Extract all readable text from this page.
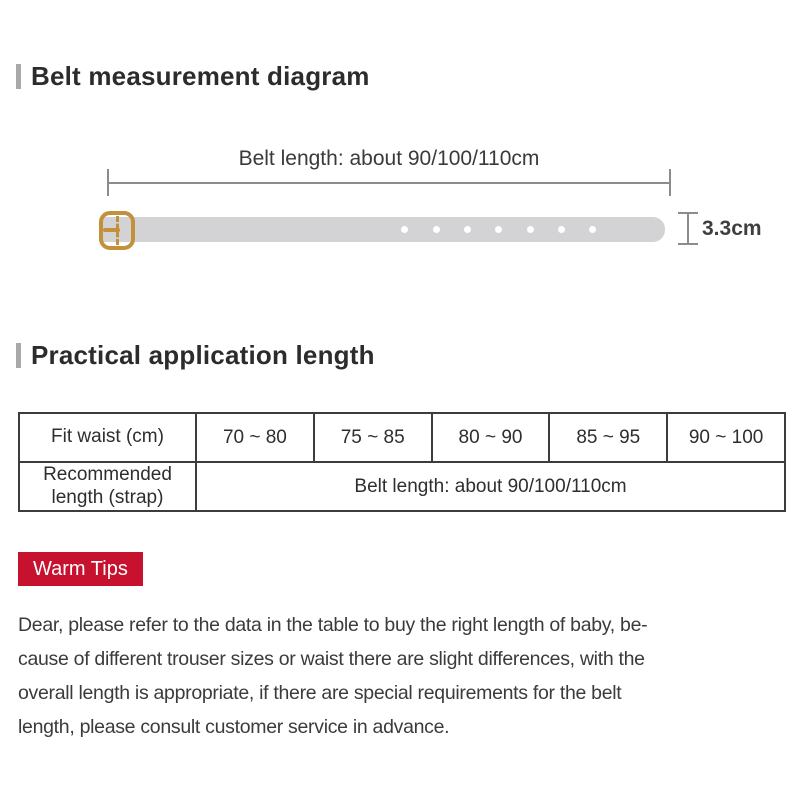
Belt measurement diagram
Belt length: about 90/100/110cm
3.3cm
Practical application length
Fit waist (cm)	70 ~ 80	75 ~ 85	80 ~ 90	85 ~ 95	90 ~ 100
Recommended length (strap)	Belt length: about 90/100/110cm				
Warm Tips
Dear, please refer to the data in the table to buy the right length of baby, be-
cause of different trouser sizes or waist there are slight differences, with the
overall length is appropriate, if there are special requirements for the belt
length, please consult customer service in advance.
